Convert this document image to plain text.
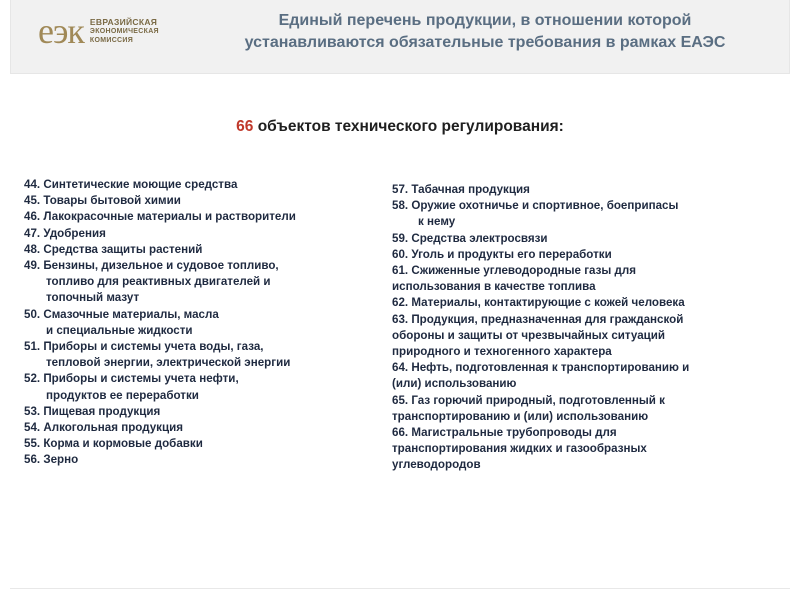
еэк ЕВРАЗИЙСКАЯ
ЭКОНОМИЧЕСКАЯ
КОМИССИЯ
Единый перечень продукции, в отношении которой
устанавливаются обязательные требования в рамках ЕАЭС
66 объектов технического регулирования:
44. Синтетические моющие средства
45. Товары бытовой химии
46. Лакокрасочные материалы и растворители
47. Удобрения
48. Средства защиты растений
49. Бензины, дизельное и судовое топливо,
топливо для реактивных двигателей и
топочный мазут
50. Смазочные материалы, масла
и специальные жидкости
51. Приборы и системы учета воды, газа,
тепловой энергии, электрической энергии
52. Приборы и системы учета нефти,
продуктов ее переработки
53. Пищевая продукция
54. Алкогольная продукция
55. Корма и кормовые добавки
56. Зерно
57. Табачная продукция
58. Оружие охотничье и спортивное, боеприпасы
к нему
59. Средства электросвязи
60. Уголь и продукты его переработки
61. Сжиженные углеводородные газы для
использования в качестве топлива
62. Материалы, контактирующие с кожей человека
63. Продукция, предназначенная для гражданской
обороны и защиты от чрезвычайных ситуаций
природного и техногенного характера
64. Нефть, подготовленная к транспортированию и
(или) использованию
65. Газ горючий природный, подготовленный к
транспортированию и (или) использованию
66. Магистральные трубопроводы для
транспортирования жидких и газообразных
углеводородов
